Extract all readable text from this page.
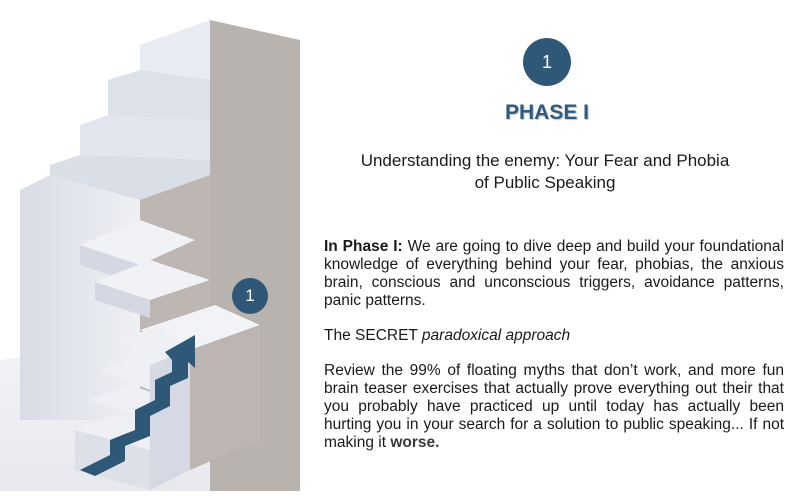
1
1
PHASE I
Understanding the enemy: Your Fear and Phobia of Public Speaking

In Phase I: We are going to dive deep and build your foundational knowledge of everything behind your fear, phobias, the anxious brain, conscious and unconscious triggers, avoidance patterns, panic patterns.

The SECRET paradoxical approach

Review the 99% of floating myths that don’t work, and more fun brain teaser exercises that actually prove everything out their that you probably have practiced up until today has actually been hurting you in your search for a solution to public speaking... If not making it worse.
